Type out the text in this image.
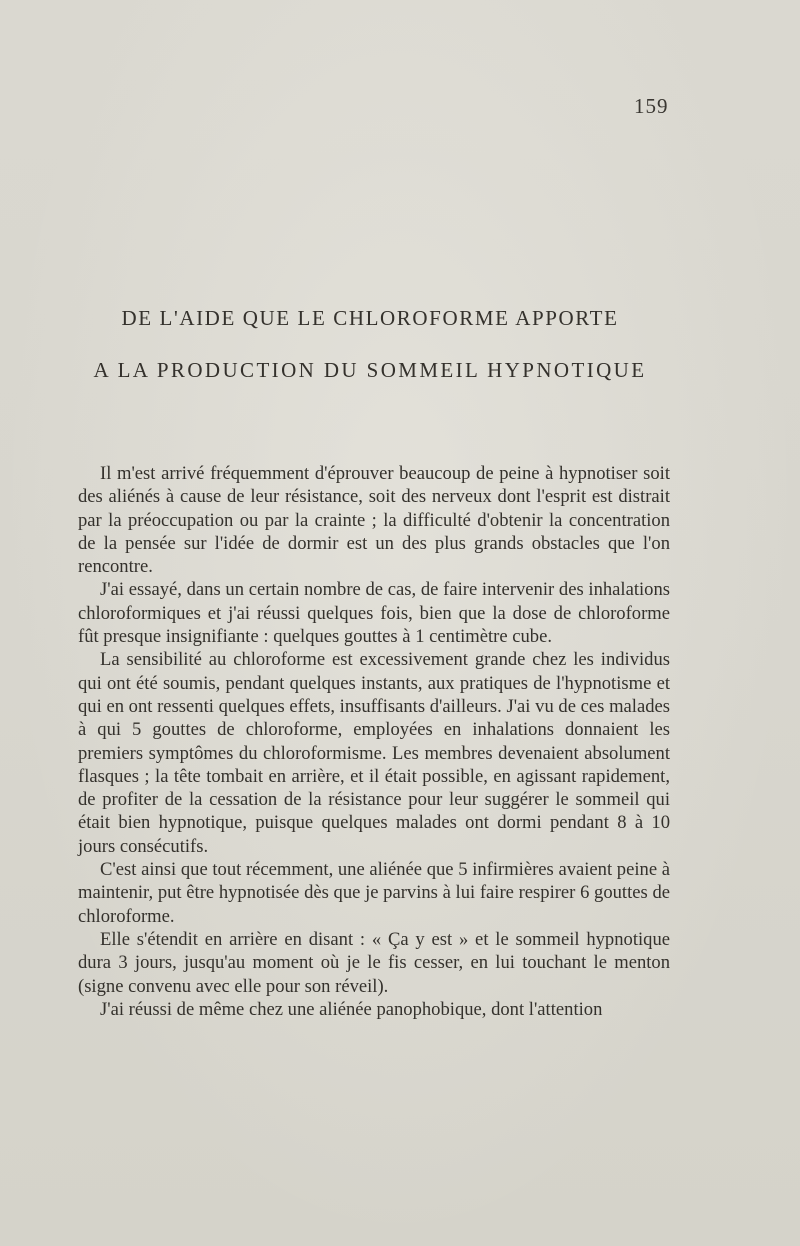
159
DE L'AIDE QUE LE CHLOROFORME APPORTE
A LA PRODUCTION DU SOMMEIL HYPNOTIQUE

Il m'est arrivé fréquemment d'éprouver beaucoup de peine à hypnotiser soit des aliénés à cause de leur résistance, soit des nerveux dont l'esprit est distrait par la préoccupation ou par la crainte ; la difficulté d'obtenir la concentration de la pensée sur l'idée de dormir est un des plus grands obstacles que l'on rencontre.

J'ai essayé, dans un certain nombre de cas, de faire intervenir des inhalations chloroformiques et j'ai réussi quelques fois, bien que la dose de chloroforme fût presque insignifiante : quelques gouttes à 1 centimètre cube.

La sensibilité au chloroforme est excessivement grande chez les individus qui ont été soumis, pendant quelques instants, aux pratiques de l'hypnotisme et qui en ont ressenti quelques effets, insuffisants d'ailleurs. J'ai vu de ces malades à qui 5 gouttes de chloroforme, employées en inhalations donnaient les premiers symptômes du chloroformisme. Les membres devenaient absolument flasques ; la tête tombait en arrière, et il était possible, en agissant rapidement, de profiter de la cessation de la résistance pour leur suggérer le sommeil qui était bien hypnotique, puisque quelques malades ont dormi pendant 8 à 10 jours consécutifs.

C'est ainsi que tout récemment, une aliénée que 5 infirmières avaient peine à maintenir, put être hypnotisée dès que je parvins à lui faire respirer 6 gouttes de chloroforme.

Elle s'étendit en arrière en disant : « Ça y est » et le sommeil hypnotique dura 3 jours, jusqu'au moment où je le fis cesser, en lui touchant le menton (signe convenu avec elle pour son réveil).

J'ai réussi de même chez une aliénée panophobique, dont l'attention
